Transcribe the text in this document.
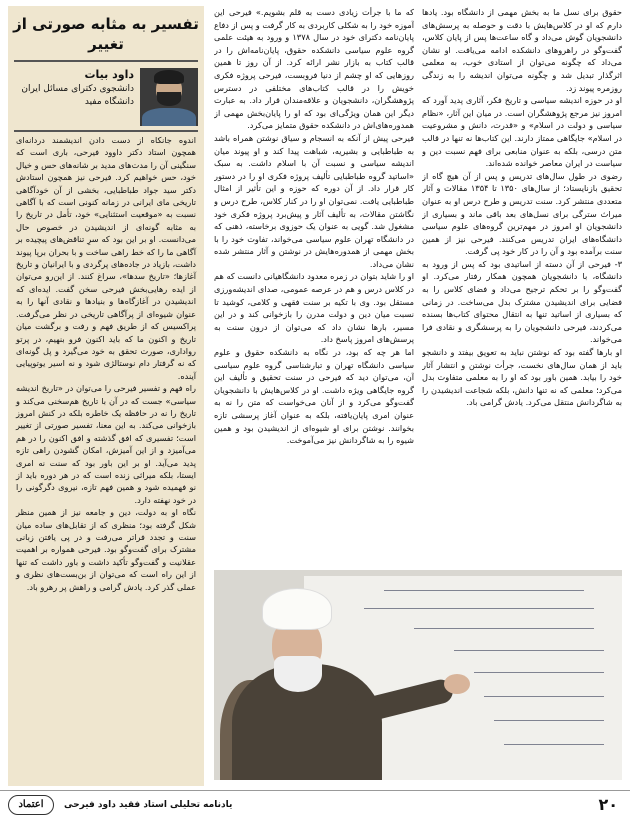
حقوق برای نسل ما به بخش مهمی از دانشگاه بود. یادها دارم که او در کلاس‌هایش با دقت و حوصله به پرسش‌های دانشجویان گوش می‌داد و گاه ساعت‌ها پس از پایان کلاس، گفت‌وگو در راهروهای دانشکده ادامه می‌یافت. او نشان می‌داد که چگونه می‌توان از استادی خوب، به معلمی اثرگذار تبدیل شد و چگونه می‌توان اندیشه را به زندگی روزمره پیوند زد.

او در حوزه اندیشه سیاسی و تاریخ فکر، آثاری پدید آورد که امروز نیز مرجع پژوهشگران است. در میان این آثار، «نظام سیاسی و دولت در اسلام» و «قدرت، دانش و مشروعیت در اسلام» جایگاهی ممتاز دارند. این کتاب‌ها نه تنها در قالب متن درسی، بلکه به عنوان منابعی برای فهم نسبت دین و سیاست در ایران معاصر خوانده شده‌اند.

رضوی در طول سال‌های تدریس و پس از آن هیچ گاه از تحقیق بازنایستاد؛ از سال‌های ۱۳۵۰ تا ۱۳۵۴ مقالات و آثار متعددی منتشر کرد. سنت تدریس و طرح درس او به عنوان میراث سترگی برای نسل‌های بعد باقی ماند و بسیاری از دانشجویان او امروز در مهم‌ترین گروه‌های علوم سیاسی دانشگاه‌های ایران تدریس می‌کنند. فیرحی نیز از همین سنت برآمده بود و آن را در کار خود پی گرفت.

۳- فیرحی از آن دسته از اساتیدی بود که پس از ورود به دانشگاه، با دانشجویان همچون همکار رفتار می‌کرد. او گفت‌وگو را بر تحکم ترجیح می‌داد و فضای کلاس را به فضایی برای اندیشیدن مشترک بدل می‌ساخت. در زمانی که بسیاری از اساتید تنها به انتقال محتوای کتاب‌ها بسنده می‌کردند، فیرحی دانشجویان را به پرسشگری و نقادی فرا می‌خواند.

او بارها گفته بود که نوشتن نباید به تعویق بیفتد و دانشجو باید از همان سال‌های نخست، جرأت نوشتن و انتشار آثار خود را بیابد. همین باور بود که او را به معلمی متفاوت بدل می‌کرد؛ معلمی که نه تنها دانش، بلکه شجاعت اندیشیدن را به شاگردانش منتقل می‌کرد. یادش گرامی باد.

که ما با جرأت زیادی دست به قلم بشویم.» فیرحی این آموزه خود را به شکلی کاربردی به کار گرفت و پس از دفاع پایان‌نامه دکترای خود در سال ۱۳۷۸ و ورود به هیئت علمی گروه علوم سیاسی دانشکده حقوق، پایان‌نامه‌اش را در قالب کتاب به بازار نشر ارائه کرد. از آن روز تا همین روزهایی که او چشم از دنیا فروبست، فیرحی پروژه فکری خویش را در قالب کتاب‌های مختلفی در دسترس پژوهشگران، دانشجویان و علاقه‌مندان قرار داد. به عبارت دیگر این همان ویژگی‌ای بود که او را پایان‌بخش مهمی از همدوره‌های‌اش در دانشکده حقوق متمایز می‌کرد.

فیرحی پیش از آنکه به انسجام و سیاق نوشتن همراه باشد به طباطبایی و بشیریه، شباهت پیدا کند و او پیوند میان اندیشه سیاسی و نسبت آن با اسلام داشت. به سبک «اساتید گروه طباطبایی تألیف پروژه فکری او را در دستور کار قرار داد. از آن دوره که حوزه و این تأثیر از امثال طباطبایی یافت. نمی‌توان او را در کنار کلاس، طرح درس و نگاشتن مقالات، به تألیف آثار و پیش‌برد پروژه فکری خود مشغول شد. گویی به عنوان یک حوزوی برخاسته، ذهنی که در دانشگاه تهران علوم سیاسی می‌خواند، تفاوت خود را با بخش مهمی از همدوره‌هایش در نوشتن و آثار منتشر شده نشان می‌داد.

او را شاید بتوان در زمره معدود دانشگاهیانی دانست که هم در کلاس درس و هم در عرصه عمومی، صدای اندیشه‌ورزی مستقل بود. وی با تکیه بر سنت فقهی و کلامی، کوشید تا نسبت میان دین و دولت مدرن را بازخوانی کند و در این مسیر، بارها نشان داد که می‌توان از درون سنت به پرسش‌های امروز پاسخ داد.

اما هر چه که بود، در نگاه به دانشکده حقوق و علوم سیاسی دانشگاه تهران و تبارشناسی گروه علوم سیاسی آن، می‌توان دید که فیرحی در سنت تحقیق و تألیف این گروه جایگاهی ویژه داشت. او در کلاس‌هایش با دانشجویان گفت‌وگو می‌کرد و از آنان می‌خواست که متن را نه به عنوان امری پایان‌یافته، بلکه به عنوان آغاز پرسشی تازه بخوانند. نوشتن برای او شیوه‌ای از اندیشیدن بود و همین شیوه را به شاگردانش نیز می‌آموخت.

تفسیر به مثابه صورتی از تغییر
داود بیات
دانشجوی دکترای مسائل ایران دانشگاه مفید

اندوه جانکاه از دست دادن اندیشمند دردانه‌ای همچون استاد دکتر داوود فیرحی، باری است که سنگینی آن را مدت‌های مدید بر شانه‌های حس و خیال خود، حس خواهیم کرد. فیرحی نیز همچون استادش دکتر سید جواد طباطبایی، بخشی از آن خودآگاهی تاریخی مای ایرانی در زمانه کنونی است که با آگاهی نسبت به «موقعیت استثنایی» خود، تأمل در تاریخ را به مثابه گونه‌ای از اندیشیدن در خصوص حال می‌دانست. او بر این بود که سرِ تناقض‌های پیچیده بر آگاهی ما را که خط راهی ساخت و با بحران برپا پیوند داشت، بازیاد در جاده‌های پرگردی و با ایرانیان و تاریخ آغازها؛ «تاریخ سدها»، سراغ کنند. از این‌رو می‌توان از ایده رهایی‌بخش فیرحی سخن گفت. ایده‌ای که اندیشیدن در آغازگاه‌ها و بنیادها و نقادی آنها را به عنوان شیوه‌ای از پرآگاهی تاریخی در نظر می‌گرفت. پراکسیس که از طریق فهم و رفت و برگشت میان تاریخ و اکنون ما که باید اکنون فرو بنهیم، در پرتو رواداری، صورت تحقق به خود می‌گیرد و پل گونه‌ای که نه گرفتار دام نوستالژی شود و نه اسیر یوتوپیایی آینده.

راه فهم و تفسیر فیرحی را می‌توان در «تاریخ اندیشه سیاسی» جست که در آن با تاریخ هم‌سخنی می‌کند و تاریخ را نه در حافظه یک خاطره بلکه در کنش امروز بازخوانی می‌کند. به این معنا، تفسیر صورتی از تغییر است؛ تفسیری که افق گذشته و افق اکنون را در هم می‌آمیزد و از این آمیزش، امکان گشودن راهی تازه پدید می‌آید. او بر این باور بود که سنت نه امری ایستا، بلکه میراثی زنده است که در هر دوره باید از نو فهمیده شود و همین فهم تازه، نیروی دگرگونی را در خود نهفته دارد.

نگاه او به دولت، دین و جامعه نیز از همین منظر شکل گرفته بود؛ منظری که از تقابل‌های ساده میان سنت و تجدد فراتر می‌رفت و در پی یافتن زبانی مشترک برای گفت‌وگو بود. فیرحی همواره بر اهمیت عقلانیت و گفت‌وگو تأکید داشت و باور داشت که تنها از این راه است که می‌توان از بن‌بست‌های نظری و عملی گذر کرد. یادش گرامی و راهش پر رهرو باد.

۲۰
یادنامه تحلیلی استاد فقید داود فیرحی
اعتماد
